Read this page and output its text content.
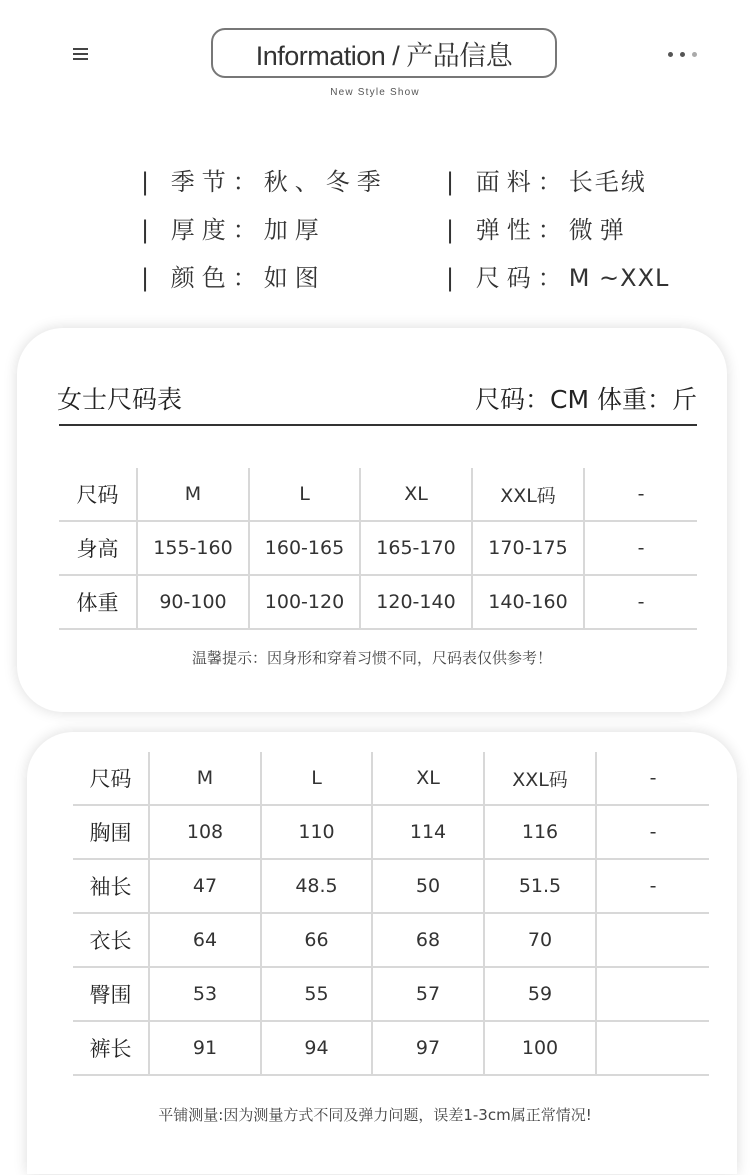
Information / 产品信息
New Style Show
| 季节：秋、冬季 | 面料：长毛绒
| 厚度：加厚	| 弹性：微弹
| 颜色：如图	| 尺码：M ~XXL
女士尺码表	尺码：CM 体重：斤
尺码	M	L	XL	XXL码	-
身高	155-160	160-165	165-170	170-175	-
体重	90-100	100-120	120-140	140-160	-
温馨提示：因身形和穿着习惯不同，尺码表仅供参考！
尺码	M	L	XL	XXL码	-
胸围	108	110	114	116	-
袖长	47	48.5	50	51.5	-
衣长	64	66	68	70	
臀围	53	55	57	59	
裤长	91	94	97	100	
平铺测量:因为测量方式不同及弹力问题，误差1-3cm属正常情况!
